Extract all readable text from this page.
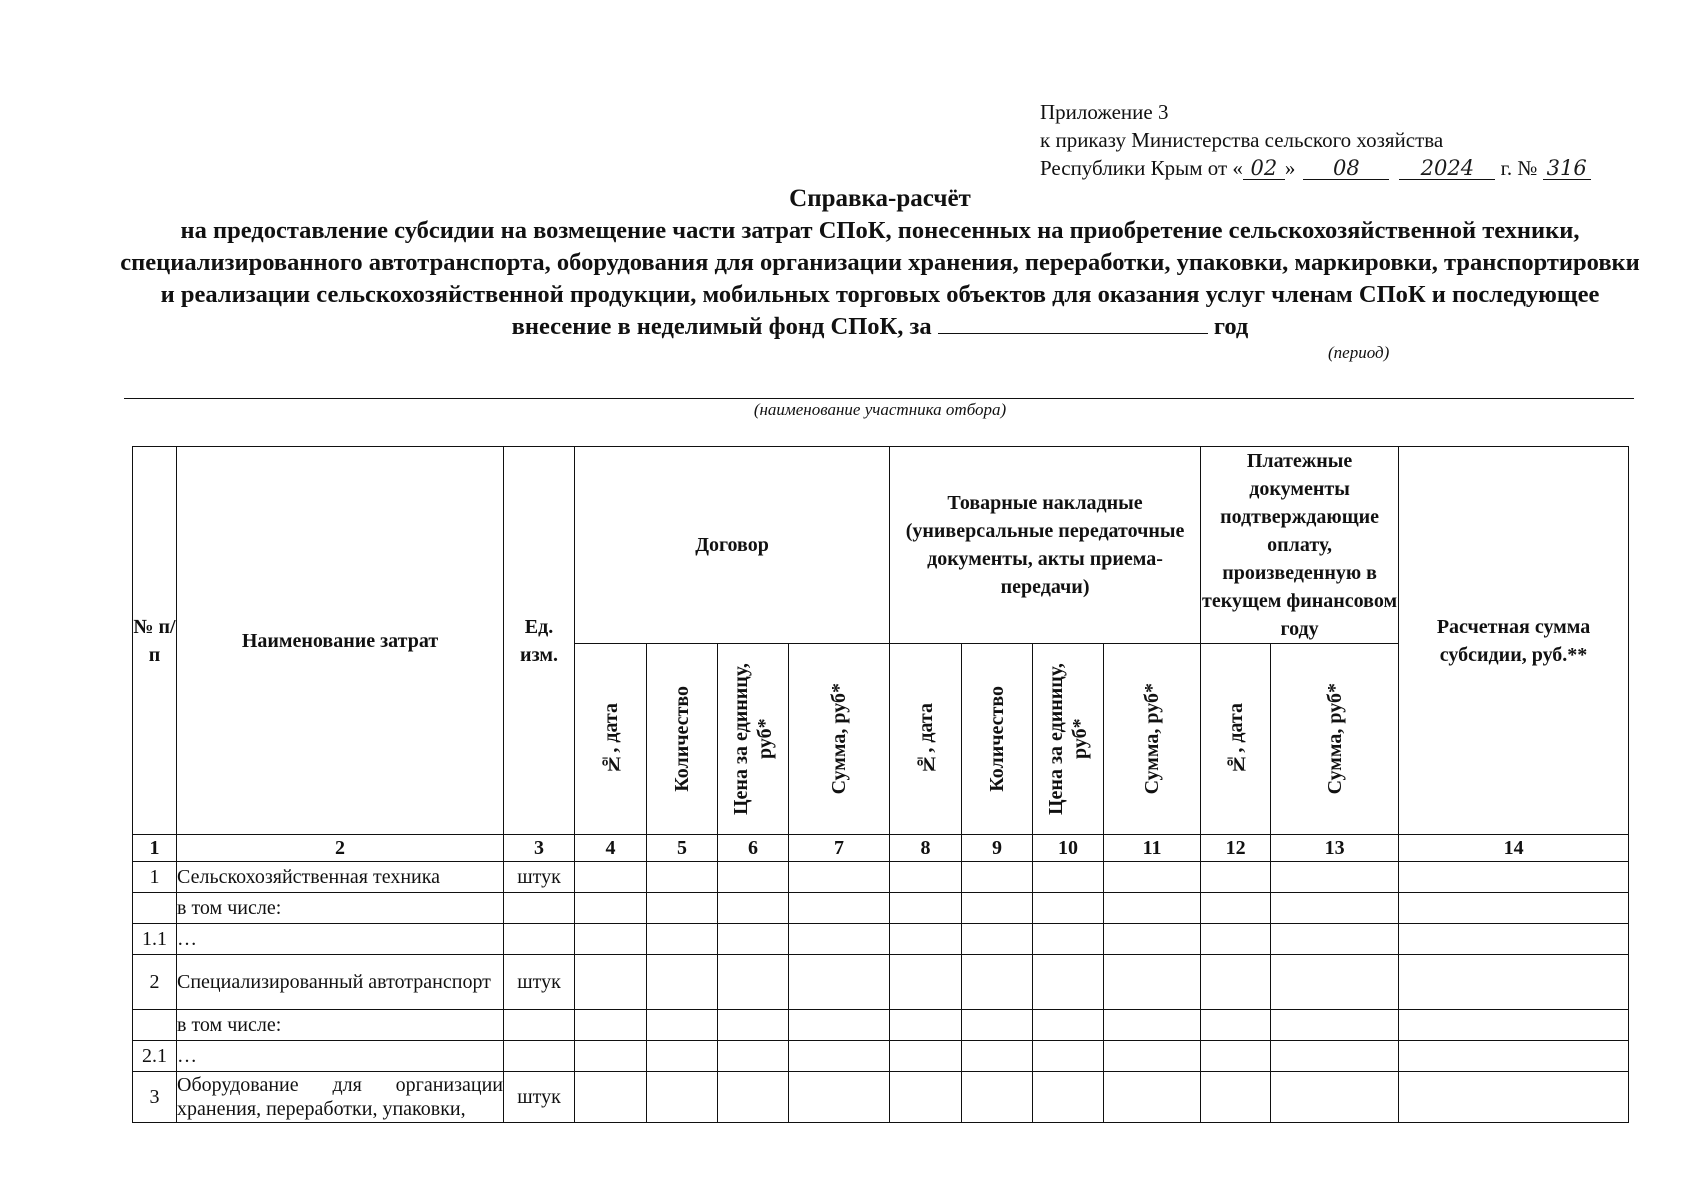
Приложение 3
к приказу Министерства сельского хозяйства
Республики Крым от « 02 » 08	2024 г. № 316
Справка-расчёт
на предоставление субсидии на возмещение части затрат СПоК, понесенных на приобретение сельскохозяйственной техники, специализированного автотранспорта, оборудования для организации хранения, переработки, упаковки, маркировки, транспортировки и реализации сельскохозяйственной продукции, мобильных торговых объектов для оказания услуг членам СПоК и последующее внесение в неделимый фонд СПоК, за	год
(период)
(наименование участника отбора)
№ п/п	Наименование затрат	Ед. изм.	Договор				Товарные накладные (универсальные передаточные документы, акты приема-передачи)				Платежные документы подтверждающие оплату, произведенную в текущем финансовом году		Расчетная сумма субсидии, руб.**

			№, дата	Количество	Цена за единицу, руб*	Сумма, руб*	№, дата	Количество	Цена за единицу, руб*	Сумма, руб*	№, дата	Сумма, руб*	

1	2	3	4	5	6	7	8	9	10	11	12	13	14
1	Сельскохозяйственная техника	штук											
	в том числе:												
1.1	…												
2	Специализированный автотранспорт	штук											
	в том числе:												
2.1	…												
3	Оборудование для организации хранения, переработки, упаковки,	штук											
